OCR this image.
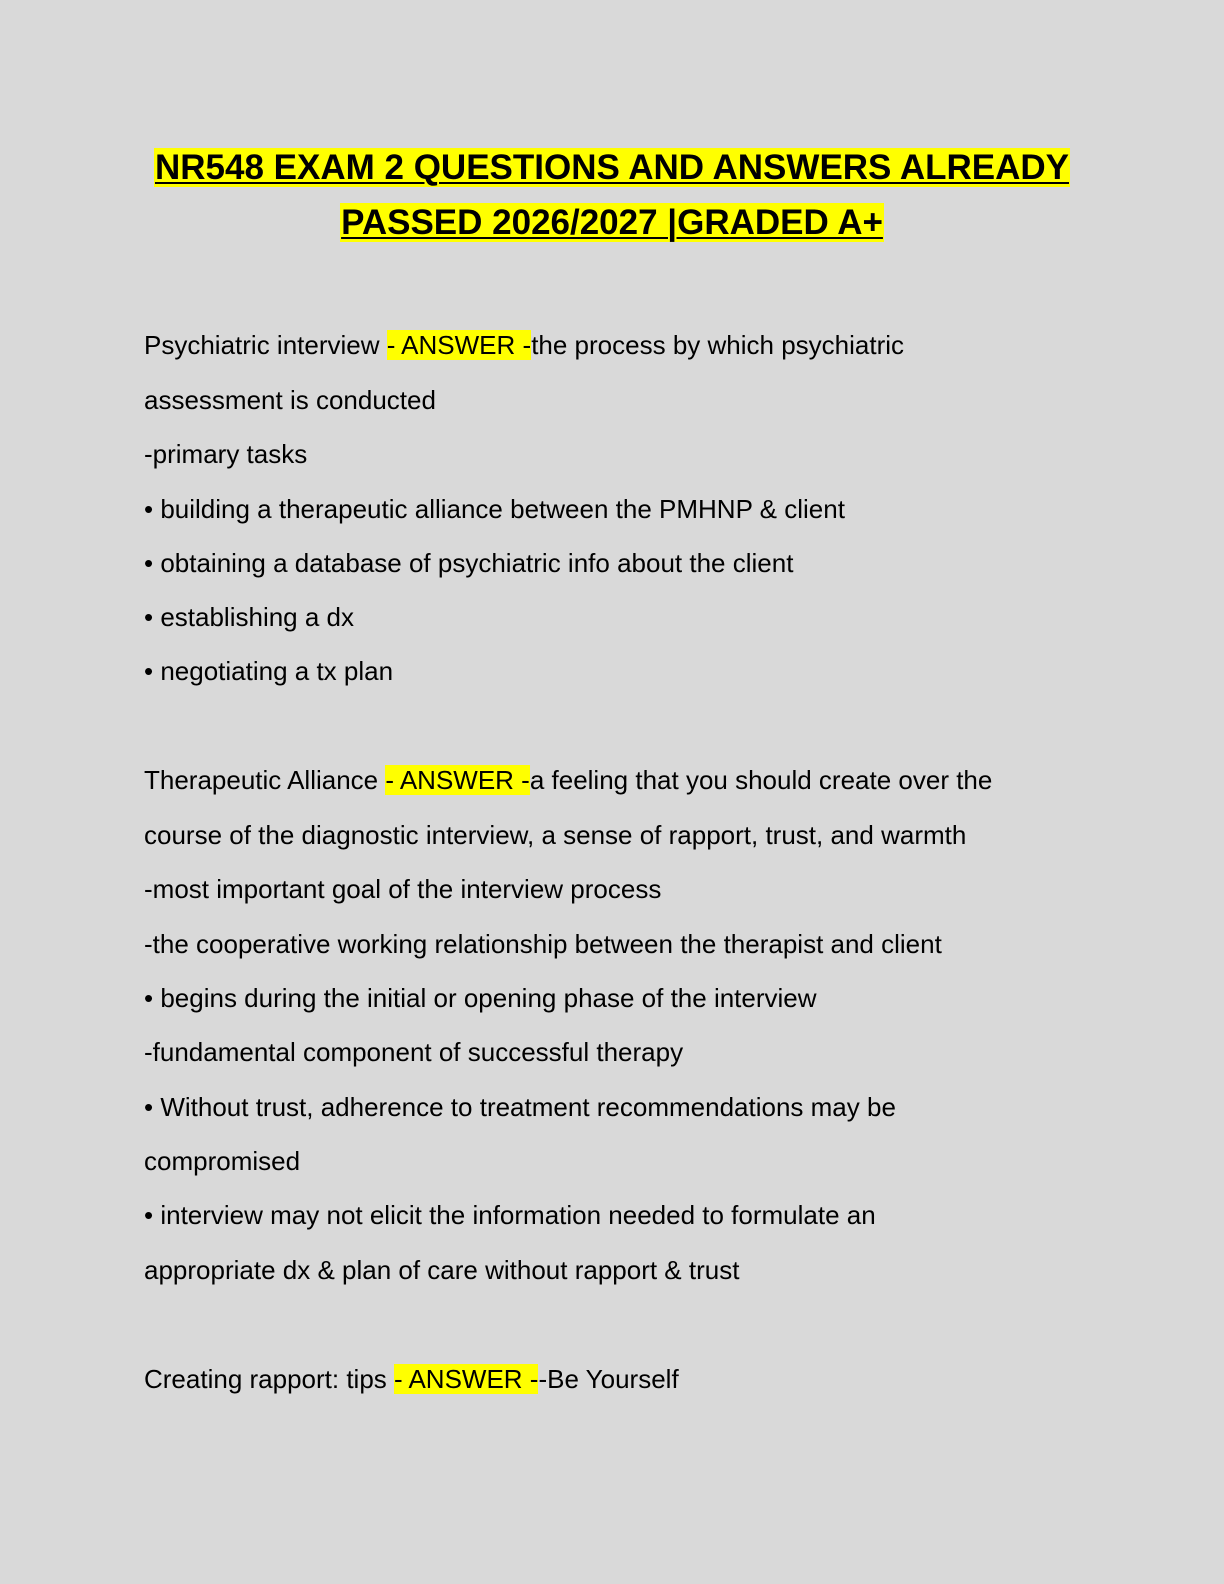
NR548 EXAM 2 QUESTIONS AND ANSWERS ALREADY
PASSED 2026/2027 |GRADED A+
Psychiatric interview - ANSWER -the process by which psychiatric
assessment is conducted
-primary tasks
• building a therapeutic alliance between the PMHNP & client
• obtaining a database of psychiatric info about the client
• establishing a dx
• negotiating a tx plan
Therapeutic Alliance - ANSWER -a feeling that you should create over the
course of the diagnostic interview, a sense of rapport, trust, and warmth
-most important goal of the interview process
-the cooperative working relationship between the therapist and client
• begins during the initial or opening phase of the interview
-fundamental component of successful therapy
• Without trust, adherence to treatment recommendations may be
compromised
• interview may not elicit the information needed to formulate an
appropriate dx & plan of care without rapport & trust
Creating rapport: tips - ANSWER --Be Yourself
